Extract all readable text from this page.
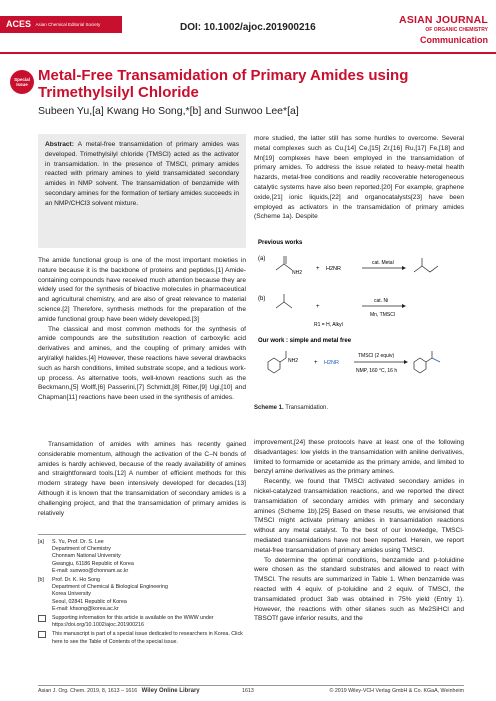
ACES Asian Chemical Editorial Society	DOI: 10.1002/ajoc.201900216
ASIAN JOURNAL
OF ORGANIC CHEMISTRY
Communication
Special Issue
Metal-Free Transamidation of Primary Amides using Trimethylsilyl Chloride
Subeen Yu,[a] Kwang Ho Song,*[b] and Sunwoo Lee*[a]
Abstract: A metal-free transamidation of primary amides was developed. Trimethylsilyl chloride (TMSCl) acted as the activator in transamidation. In the presence of TMSCl, primary amides reacted with primary amines to yield transamidated secondary amides in NMP solvent. The transamidation of benzamide with secondary amines for the formation of tertiary amides succeeds in an NMP/CHCl3 solvent mixture.

The amide functional group is one of the most important moieties in nature because it is the backbone of proteins and peptides.[1] Amide-containing compounds have received much attention because they are widely used for the synthesis of bioactive molecules in pharmaceutical and agricultural chemistry, and are also of great relevance to material science.[2] Therefore, synthesis methods for the preparation of the amide functional group have been widely developed.[3]

The classical and most common methods for the synthesis of amide compounds are the substitution reaction of carboxylic acid derivatives and amines, and the coupling of primary amides with aryl/alkyl halides.[4] However, these reactions have several drawbacks such as harsh conditions, limited substrate scope, and a tedious work-up process. As alternative tools, well-known reactions such as the Beckmann,[5] Wolff,[6] Passerini,[7] Schmidt,[8] Ritter,[9] Ugi,[10] and Chapman[11] reactions have been used in the synthesis of amides.

Transamidation of amides with amines has recently gained considerable momentum, although the activation of the C–N bonds of amides is hardly achieved, because of the ready availability of amines and straightforward tools.[12] A number of efficient methods for this modern strategy have been intensively developed for decades.[13] Although it is known that the transamidation of secondary amides is a challenging project, and that the transamidation of primary amides is relatively

more studied, the latter still has some hurdles to overcome. Several metal complexes such as Cu,[14] Ce,[15] Zr,[16] Ru,[17] Fe,[18] and Mn[19] complexes have been employed in the transamidation of primary amides. To address the issue related to heavy-metal health hazards, metal-free conditions and readily recoverable heterogeneous catalytic systems have also been reported.[20] For example, graphene oxide,[21] ionic liquids,[22] and organocatalysts[23] have been employed as activators in the transamidation of primary amides (Scheme 1a). Despite

Previous works
(a)
NH2
+ H2NR
cat. Metal
(b)
+
cat. Ni
Mn, TMSCl
R1 = H, Alkyl
Our work : simple and metal free
NH2	+ H2NR
TMSCl (2 equiv)
NMP, 160 °C, 16 h
Scheme 1. Transamidation.

improvement,[24] these protocols have at least one of the following disadvantages: low yields in the transamidation with aniline derivatives, limited to formamide or acetamide as the primary amide, and limited to benzyl amine derivatives as the primary amines.

Recently, we found that TMSCl activated secondary amides in nickel-catalyzed transamidation reactions, and we reported the direct transamidation of secondary amides with primary and secondary amines (Scheme 1b).[25] Based on these results, we envisioned that TMSCl might activate primary amides in transamidation reactions without any metal catalyst. To the best of our knowledge, TMSCl-mediated transamidations have not been reported. Herein, we report metal-free transamidation of primary amides using TMSCl.

To determine the optimal conditions, benzamide and p-toluidine were chosen as the standard substrates and allowed to react with TMSCl. The results are summarized in Table 1. When benzamide was reacted with 4 equiv. of p-toluidine and 2 equiv. of TMSCl, the transamidated product 3ab was obtained in 75% yield (Entry 1). However, the reactions with other silanes such as Me2SiHCl and TBSOTf gave inferior results, and the

[a]	S. Yu, Prof. Dr. S. Lee
Department of Chemistry
Chonnam National University
Gwangju, 61186 Republic of Korea
E-mail: sunwoo@chonnam.ac.kr
[b]	Prof. Dr. K. Ho Song
Department of Chemical & Biological Engineering
Korea University
Seoul, 02841 Republic of Korea
E-mail: khsong@korea.ac.kr
Supporting information for this article is available on the WWW under https://doi.org/10.1002/ajoc.201900216
This manuscript is part of a special issue dedicated to researchers in Korea. Click here to see the Table of Contents of the special issue.
Asian J. Org. Chem. 2019, 8, 1613 – 1616 Wiley Online Library	1613	© 2019 Wiley-VCH Verlag GmbH & Co. KGaA, Weinheim
